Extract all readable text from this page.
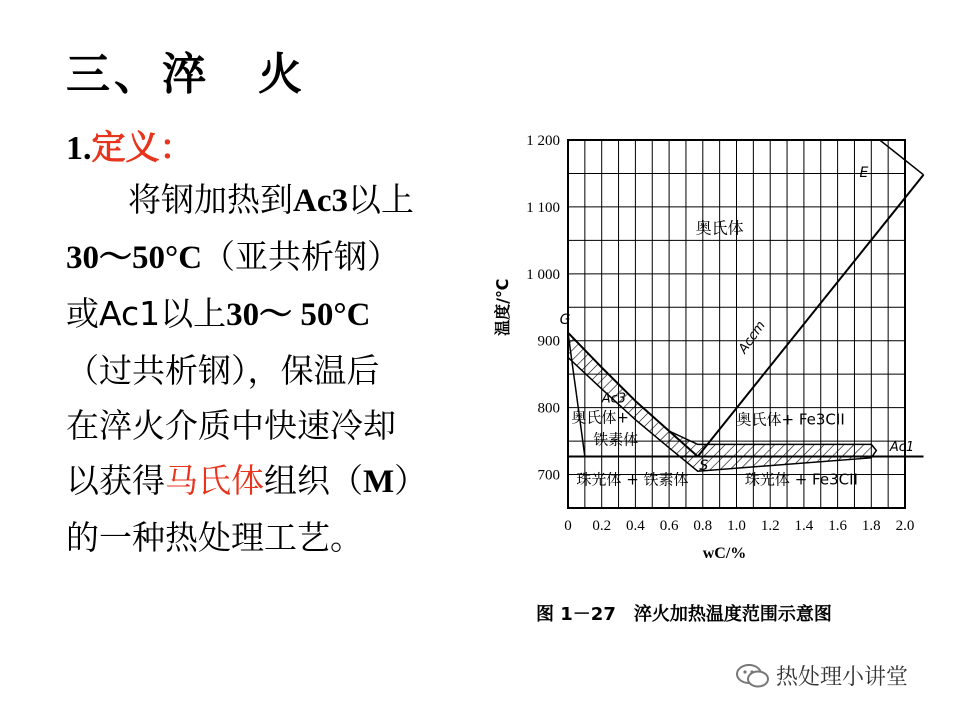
三、淬　火
1.定义：

将钢加热到Ac3以上

30～50°C（亚共析钢）

或Ac1以上30～ 50°C

（过共析钢），保温后

在淬火介质中快速冷却

以获得马氏体组织（M）

的一种热处理工艺。	0 0.2 0.4 0.6 0.8 1.0 1.2 1.4 1.6 1.8 2.0
700
800
900
1 000
1 100
1 200
wC/%
温度/℃
奥氏体
Ac3
奥氏体+
铁素体
G
S
E
Accm
奥氏体+ Fe3CII
Ac1
珠光体 + 铁素体	珠光体 + Fe3CII
图 1－27　淬火加热温度范围示意图
热处理小讲堂
